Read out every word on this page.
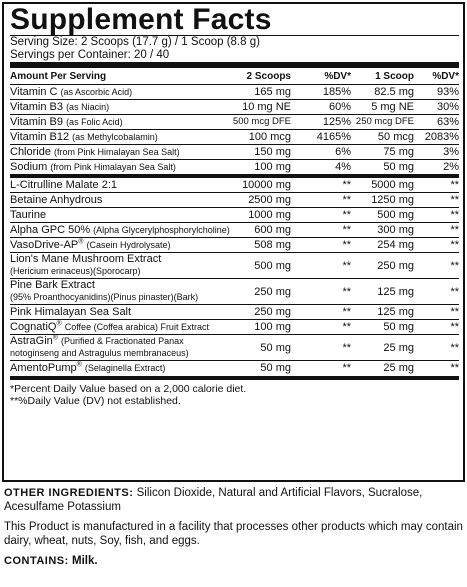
Supplement Facts
Serving Size: 2 Scoops (17.7 g) / 1 Scoop (8.8 g)
Servings per Container: 20 / 40
Amount Per Serving	2 Scoops	%DV* 1 Scoop %DV*
Vitamin C (as Ascorbic Acid)	165 mg	185% 82.5 mg 93%
Vitamin B3 (as Niacin)	10 mg NE	60% 5 mg NE 30%
Vitamin B9 (as Folic Acid)	500 mcg DFE	125% 250 mcg DFE 63%
Vitamin B12 (as Methylcobalamin)	100 mcg 4165% 50 mcg 2083%
Chloride (from Pink Himalayan Sea Salt)	150 mg	6%	75 mg	3%
Sodium (from Pink Himalayan Sea Salt)	100 mg	4%	50 mg	2%
L-Citrulline Malate 2:1	10000 mg	** 5000 mg	**
Betaine Anhydrous	2500 mg	** 1250 mg	**
Taurine	1000 mg	** 500 mg	**
Alpha GPC 50% (Alpha Glycerylphosphorylcholine) 600 mg	** 300 mg	**
VasoDrive-AP® (Casein Hydrolysate)	508 mg	** 254 mg	**
Lion's Mane Mushroom Extract
(Hericium erinaceus)(Sporocarp)	500 mg	** 250 mg	**
Pine Bark Extract
(95% Proanthocyanidins)(Pinus pinaster)(Bark)	250 mg	** 125 mg	**
Pink Himalayan Sea Salt	250 mg	** 125 mg	**
CognatiQ® Coffee (Coffea arabica) Fruit Extract	100 mg	**	50 mg	**
AstraGin® (Purified & Fractionated Panax
notoginseng and Astragulus membranaceus)	50 mg	**	25 mg	**
AmentoPump® (Selaginella Extract)	50 mg	**	25 mg	**
*Percent Daily Value based on a 2,000 calorie diet.
**%Daily Value (DV) not established.

OTHER INGREDIENTS: Silicon Dioxide, Natural and Artificial Flavors, Sucralose, Acesulfame Potassium

This Product is manufactured in a facility that processes other products which may contain dairy, wheat, nuts, Soy, fish, and eggs.

CONTAINS: Milk.
